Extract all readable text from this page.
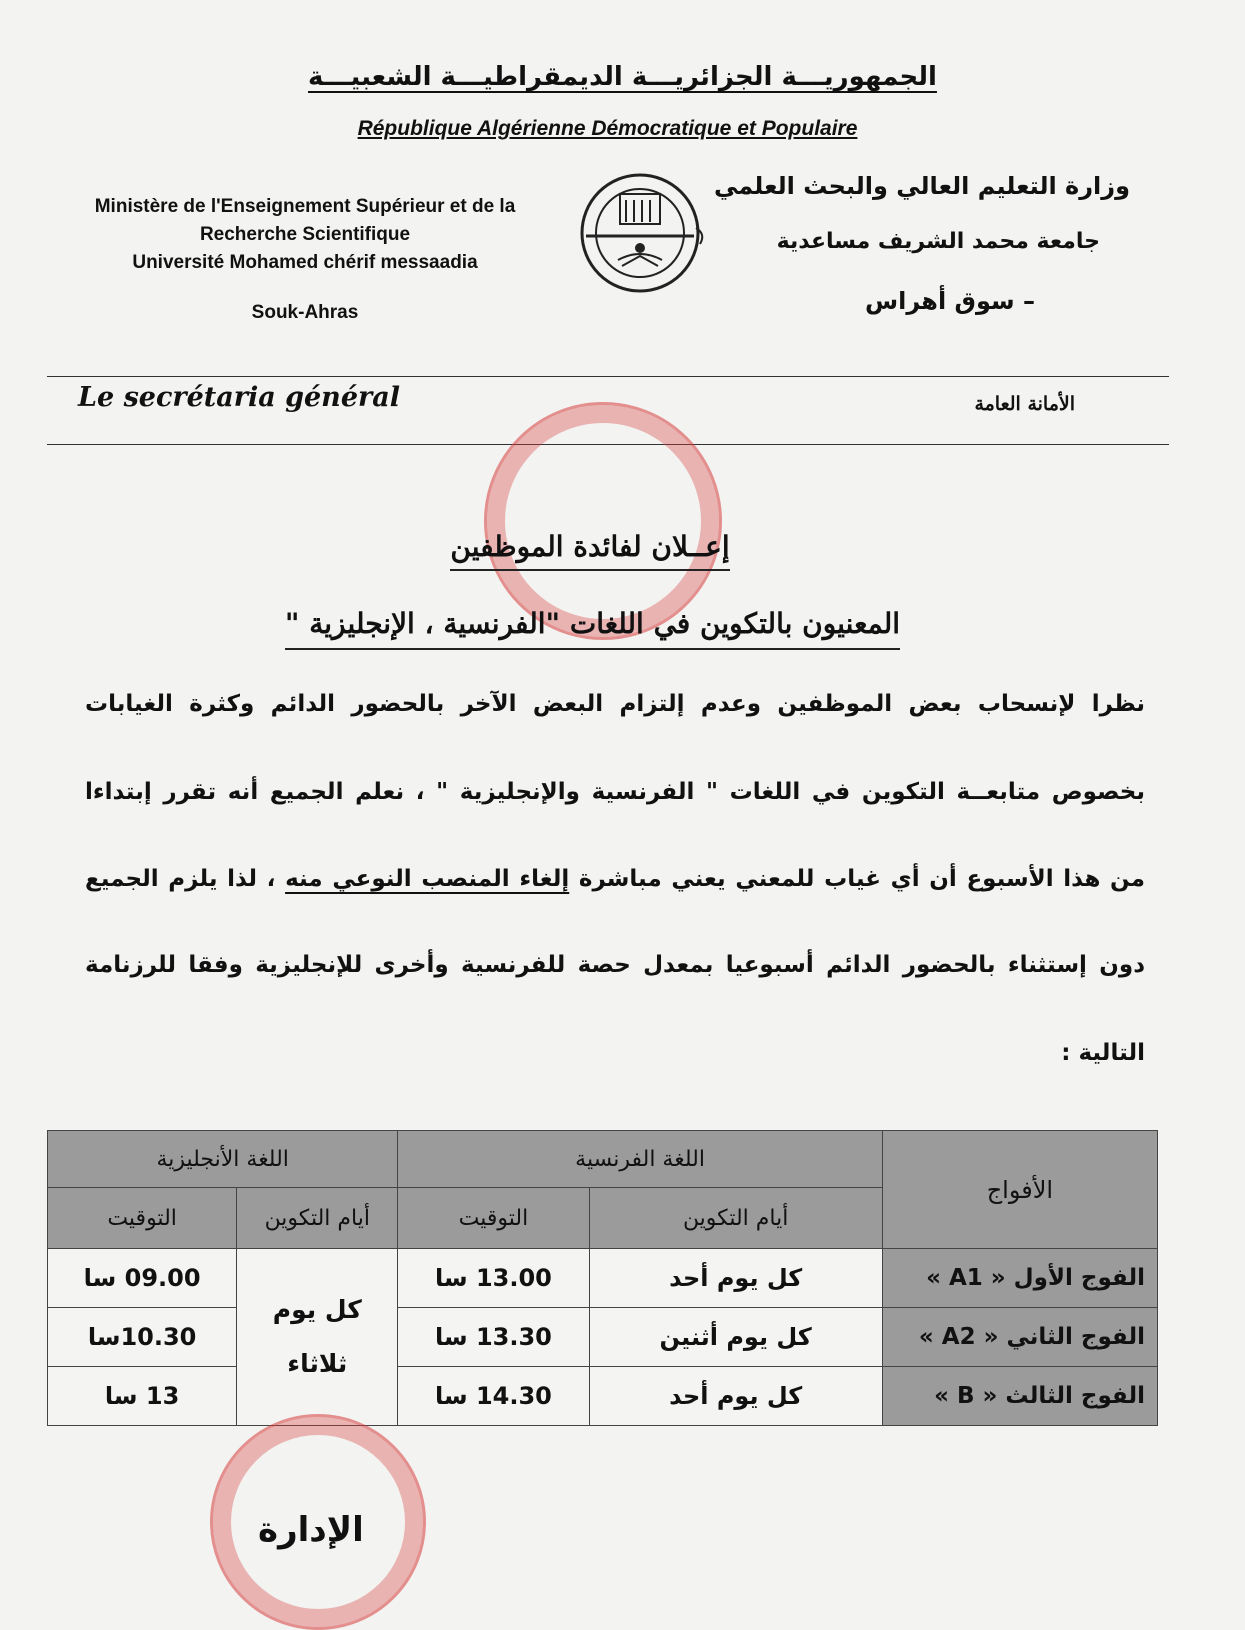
الجمهوريـــة الجزائريـــة الديمقراطيـــة الشعبيـــة
République Algérienne Démocratique et Populaire
Ministère de l'Enseignement Supérieur et de la
Recherche Scientifique
Université Mohamed chérif messaadia
Souk-Ahras
وزارة التعليم العالي والبحث العلمي
جامعة محمد الشريف مساعدية
– سوق أهراس
Le secrétaria général	الأمانة العامة
إعــلان لفائدة الموظفين
المعنيون بالتكوين في اللغات "الفرنسية ، الإنجليزية "
نظرا لإنسحاب بعض الموظفين وعدم إلتزام البعض الآخر بالحضور الدائم وكثرة الغيابات
بخصوص متابعــة التكوين في اللغات " الفرنسية والإنجليزية " ، نعلم الجميع أنه تقرر إبتداءا
من هذا الأسبوع أن أي غياب للمعني يعني مباشرة إلغاء المنصب النوعي منه ، لذا يلزم الجميع
دون إستثناء بالحضور الدائم أسبوعيا بمعدل حصة للفرنسية وأخرى للإنجليزية وفقا للرزنامة
التالية :
الأفواج	اللغة الفرنسية		اللغة الأنجليزية	
	أيام التكوين	التوقيت	أيام التكوين	التوقيت
الفوج الأول « A1 »	كل يوم أحد	13.00 سا	كل يوم ثلاثاء	09.00 سا
الفوج الثاني « A2 »	كل يوم أثنين	13.30 سا		10.30سا
الفوج الثالث « B »	كل يوم أحد	14.30 سا		13 سا
الإدارة
